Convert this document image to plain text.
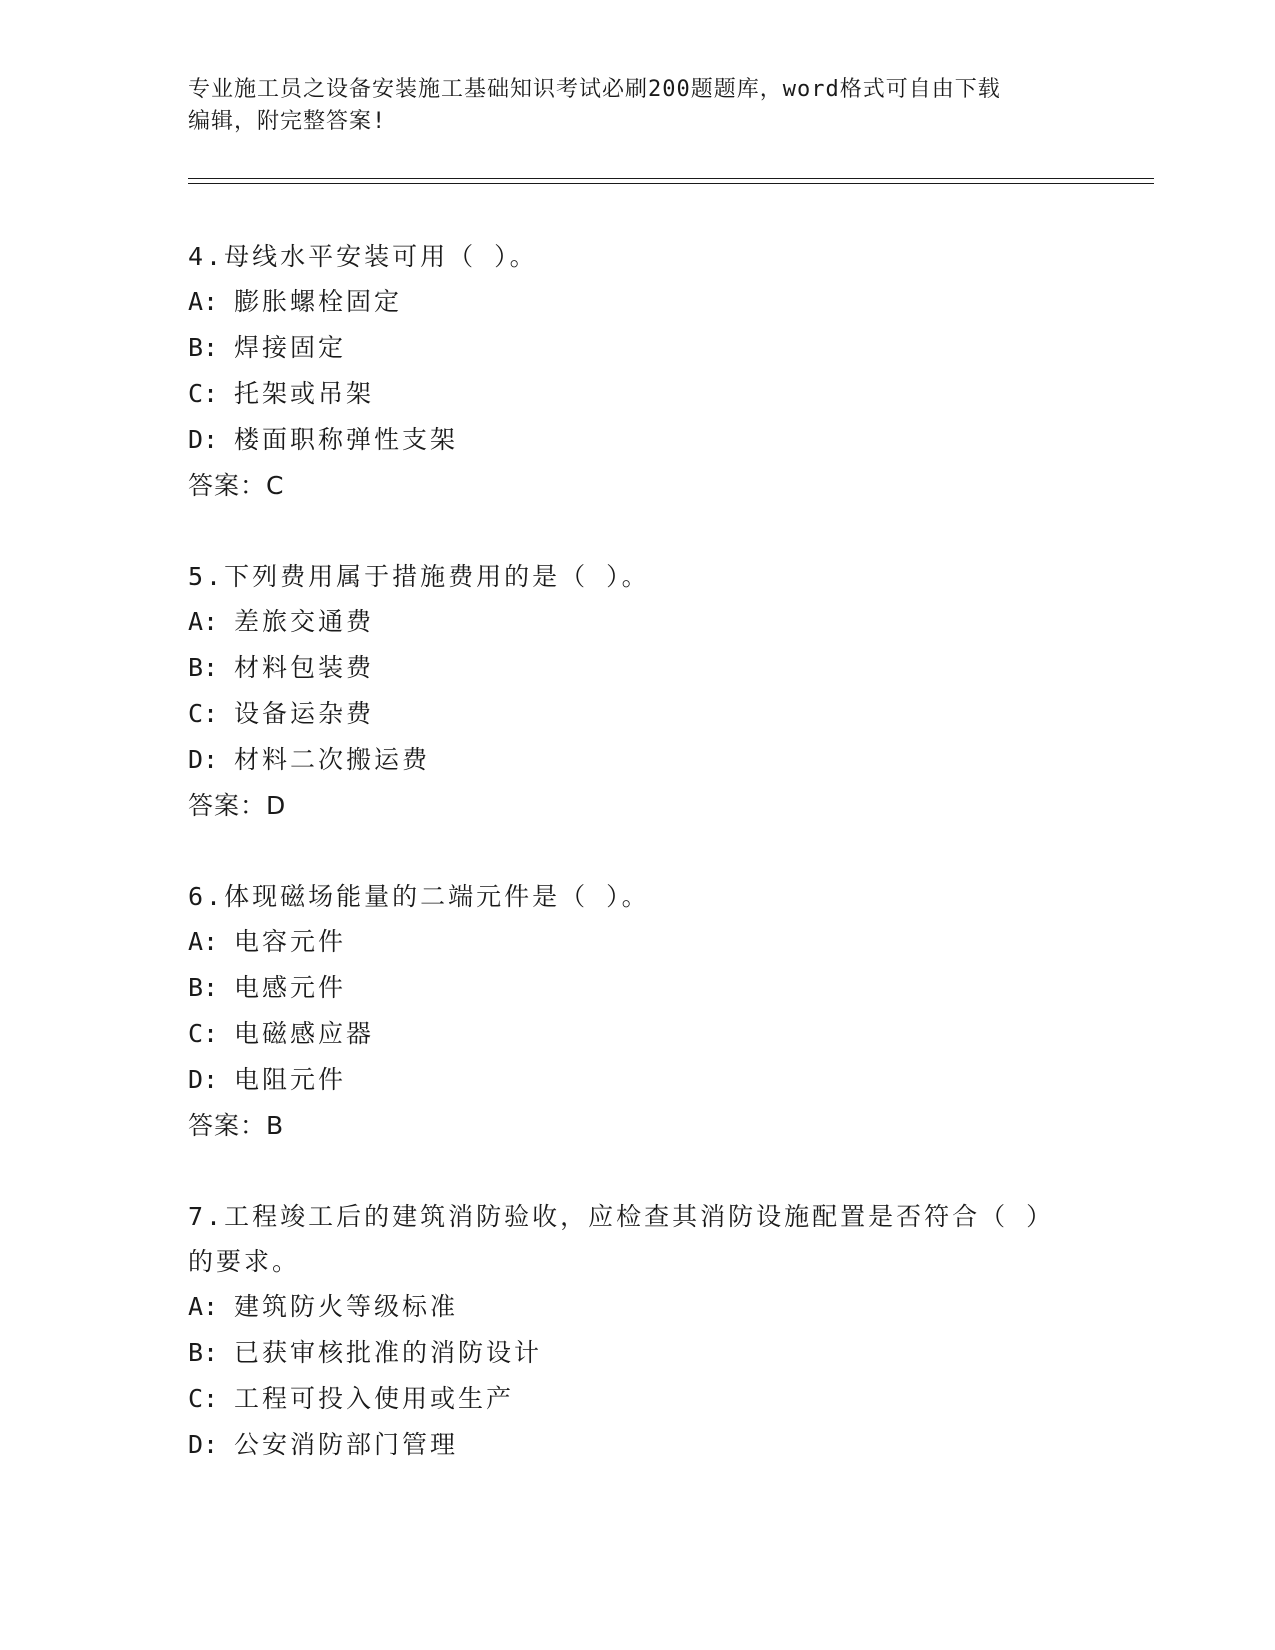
专业施工员之设备安装施工基础知识考试必刷200题题库，word格式可自由下载
编辑，附完整答案!
4.母线水平安装可用（ ）。
A: 膨胀螺栓固定
B: 焊接固定
C: 托架或吊架
D: 楼面职称弹性支架
答案：C
5.下列费用属于措施费用的是（ ）。
A: 差旅交通费
B: 材料包装费
C: 设备运杂费
D: 材料二次搬运费
答案：D
6.体现磁场能量的二端元件是（ ）。
A: 电容元件
B: 电感元件
C: 电磁感应器
D: 电阻元件
答案：B
7.工程竣工后的建筑消防验收，应检查其消防设施配置是否符合（ ）
的要求。
A: 建筑防火等级标准
B: 已获审核批准的消防设计
C: 工程可投入使用或生产
D: 公安消防部门管理
